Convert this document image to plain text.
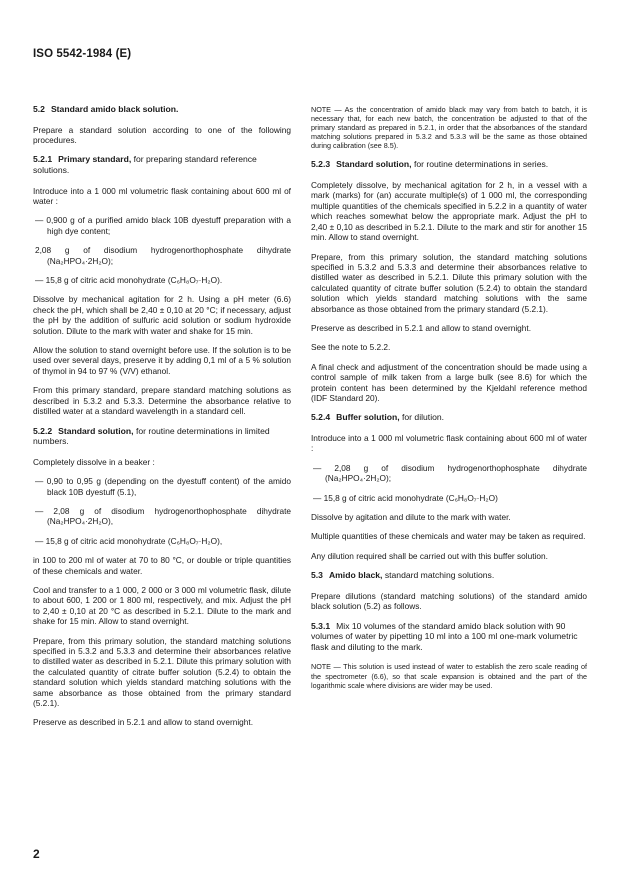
ISO 5542-1984 (E)
5.2 Standard amido black solution.
Prepare a standard solution according to one of the following procedures.
5.2.1 Primary standard, for preparing standard reference solutions.
Introduce into a 1 000 ml volumetric flask containing about 600 ml of water :
— 0,900 g of a purified amido black 10B dyestuff preparation with a high dye content;
2,08 g of disodium hydrogenorthophosphate dihydrate (Na₂HPO₄·2H₂O);
— 15,8 g of citric acid monohydrate (C₆H₈O₇·H₂O).
Dissolve by mechanical agitation for 2 h. Using a pH meter (6.6) check the pH, which shall be 2,40 ± 0,10 at 20 °C; if necessary, adjust the pH by the addition of sulfuric acid solution or sodium hydroxide solution. Dilute to the mark with water and shake for 15 min.
Allow the solution to stand overnight before use. If the solution is to be used over several days, preserve it by adding 0,1 ml of a 5 % solution of thymol in 94 to 97 % (V/V) ethanol.
From this primary standard, prepare standard matching solutions as described in 5.3.2 and 5.3.3. Determine the absorbance relative to distilled water at a standard wavelength in a standard cell.
5.2.2 Standard solution, for routine determinations in limited numbers.
Completely dissolve in a beaker :
— 0,90 to 0,95 g (depending on the dyestuff content) of the amido black 10B dyestuff (5.1),
— 2,08 g of disodium hydrogenorthophosphate dihydrate (Na₂HPO₄·2H₂O),
— 15,8 g of citric acid monohydrate (C₆H₈O₇·H₂O),
in 100 to 200 ml of water at 70 to 80 °C, or double or triple quantities of these chemicals and water.
Cool and transfer to a 1 000, 2 000 or 3 000 ml volumetric flask, dilute to about 600, 1 200 or 1 800 ml, respectively, and mix. Adjust the pH to 2,40 ± 0,10 at 20 °C as described in 5.2.1. Dilute to the mark and shake for 15 min. Allow to stand overnight.
Prepare, from this primary solution, the standard matching solutions specified in 5.3.2 and 5.3.3 and determine their absorbances relative to distilled water as described in 5.2.1. Dilute this primary solution with the calculated quantity of citrate buffer solution (5.2.4) to obtain the standard solution which yields standard matching solutions with the same absorbance as those obtained from the primary standard (5.2.1).
Preserve as described in 5.2.1 and allow to stand overnight.
NOTE — As the concentration of amido black may vary from batch to batch, it is necessary that, for each new batch, the concentration be adjusted to that of the primary standard as prepared in 5.2.1, in order that the absorbances of the standard matching solutions prepared in 5.3.2 and 5.3.3 will be the same as those obtained during calibration (see 8.5).
5.2.3 Standard solution, for routine determinations in series.
Completely dissolve, by mechanical agitation for 2 h, in a vessel with a mark (marks) for (an) accurate multiple(s) of 1 000 ml, the corresponding multiple quantities of the chemicals specified in 5.2.2 in a quantity of water which reaches somewhat below the appropriate mark. Adjust the pH to 2,40 ± 0,10 as described in 5.2.1. Dilute to the mark and stir for another 15 min. Allow to stand overnight.
Prepare, from this primary solution, the standard matching solutions specified in 5.3.2 and 5.3.3 and determine their absorbances relative to distilled water as described in 5.2.1. Dilute this primary solution with the calculated quantity of citrate buffer solution (5.2.4) to obtain the standard solution which yields standard matching solutions with the same absorbance as those obtained from the primary standard (5.2.1).
Preserve as described in 5.2.1 and allow to stand overnight.
See the note to 5.2.2.
A final check and adjustment of the concentration should be made using a control sample of milk taken from a large bulk (see 8.6) for which the protein content has been determined by the Kjeldahl reference method (IDF Standard 20).
5.2.4 Buffer solution, for dilution.
Introduce into a 1 000 ml volumetric flask containing about 600 ml of water :
— 2,08 g of disodium hydrogenorthophosphate dihydrate (Na₂HPO₄·2H₂O);
— 15,8 g of citric acid monohydrate (C₆H₈O₇·H₂O)
Dissolve by agitation and dilute to the mark with water.
Multiple quantities of these chemicals and water may be taken as required.
Any dilution required shall be carried out with this buffer solution.
5.3 Amido black, standard matching solutions.
Prepare dilutions (standard matching solutions) of the standard amido black solution (5.2) as follows.
5.3.1 Mix 10 volumes of the standard amido black solution with 90 volumes of water by pipetting 10 ml into a 100 ml one-mark volumetric flask and diluting to the mark.
NOTE — This solution is used instead of water to establish the zero scale reading of the spectrometer (6.6), so that scale expansion is obtained and the part of the logarithmic scale where divisions are wider may be used.
2
